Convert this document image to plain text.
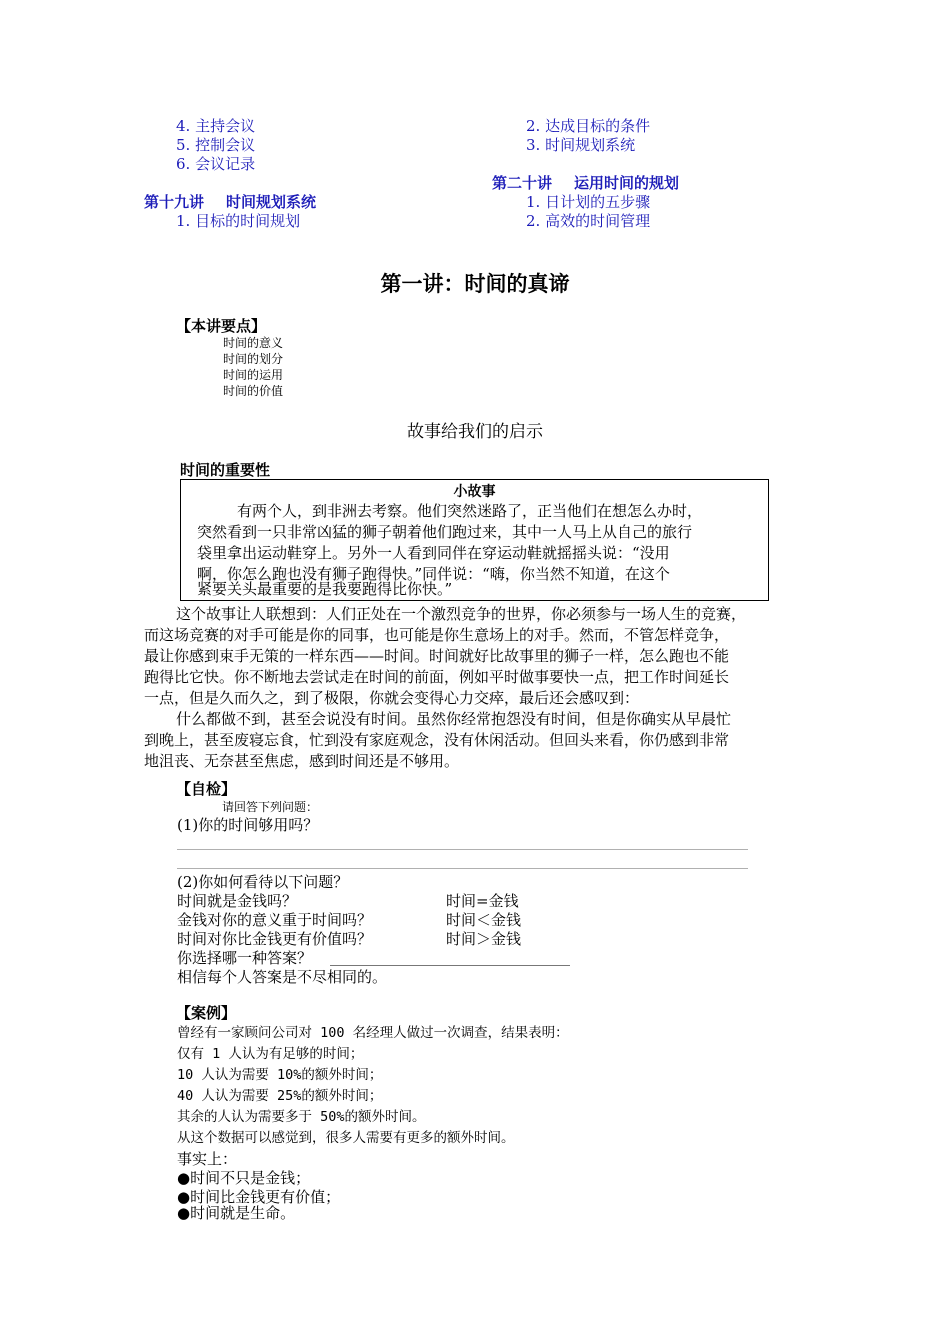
4. 主持会议
5. 控制会议
6. 会议记录
2. 达成目标的条件
3. 时间规划系统
第二十讲 运用时间的规划
1. 日计划的五步骤
2. 高效的时间管理
第十九讲 时间规划系统
1. 目标的时间规划
第一讲：时间的真谛
【本讲要点】
时间的意义
时间的划分
时间的运用
时间的价值
故事给我们的启示
时间的重要性
小故事
有两个人，到非洲去考察。他们突然迷路了，正当他们在想怎么办时，
突然看到一只非常凶猛的狮子朝着他们跑过来，其中一人马上从自己的旅行
袋里拿出运动鞋穿上。另外一人看到同伴在穿运动鞋就摇摇头说：“没用
啊，你怎么跑也没有狮子跑得快。”同伴说：“嗨，你当然不知道，在这个
紧要关头最重要的是我要跑得比你快。”
这个故事让人联想到：人们正处在一个激烈竞争的世界，你必须参与一场人生的竞赛，
而这场竞赛的对手可能是你的同事，也可能是你生意场上的对手。然而，不管怎样竞争，
最让你感到束手无策的一样东西——时间。时间就好比故事里的狮子一样，怎么跑也不能
跑得比它快。你不断地去尝试走在时间的前面，例如平时做事要快一点，把工作时间延长
一点，但是久而久之，到了极限，你就会变得心力交瘁，最后还会感叹到：
什么都做不到，甚至会说没有时间。虽然你经常抱怨没有时间，但是你确实从早晨忙
到晚上，甚至废寝忘食，忙到没有家庭观念，没有休闲活动。但回头来看，你仍感到非常
地沮丧、无奈甚至焦虑，感到时间还是不够用。
【自检】
请回答下列问题：
(1)你的时间够用吗？
(2)你如何看待以下问题？
时间就是金钱吗？	时间=金钱
金钱对你的意义重于时间吗？	时间＜金钱
时间对你比金钱更有价值吗？	时间＞金钱
你选择哪一种答案？
相信每个人答案是不尽相同的。
【案例】
曾经有一家顾问公司对 100 名经理人做过一次调查，结果表明：
仅有 1 人认为有足够的时间；
10 人认为需要 10%的额外时间；
40 人认为需要 25%的额外时间；
其余的人认为需要多于 50%的额外时间。
从这个数据可以感觉到，很多人需要有更多的额外时间。
事实上：
●时间不只是金钱；
●时间比金钱更有价值；
●时间就是生命。
